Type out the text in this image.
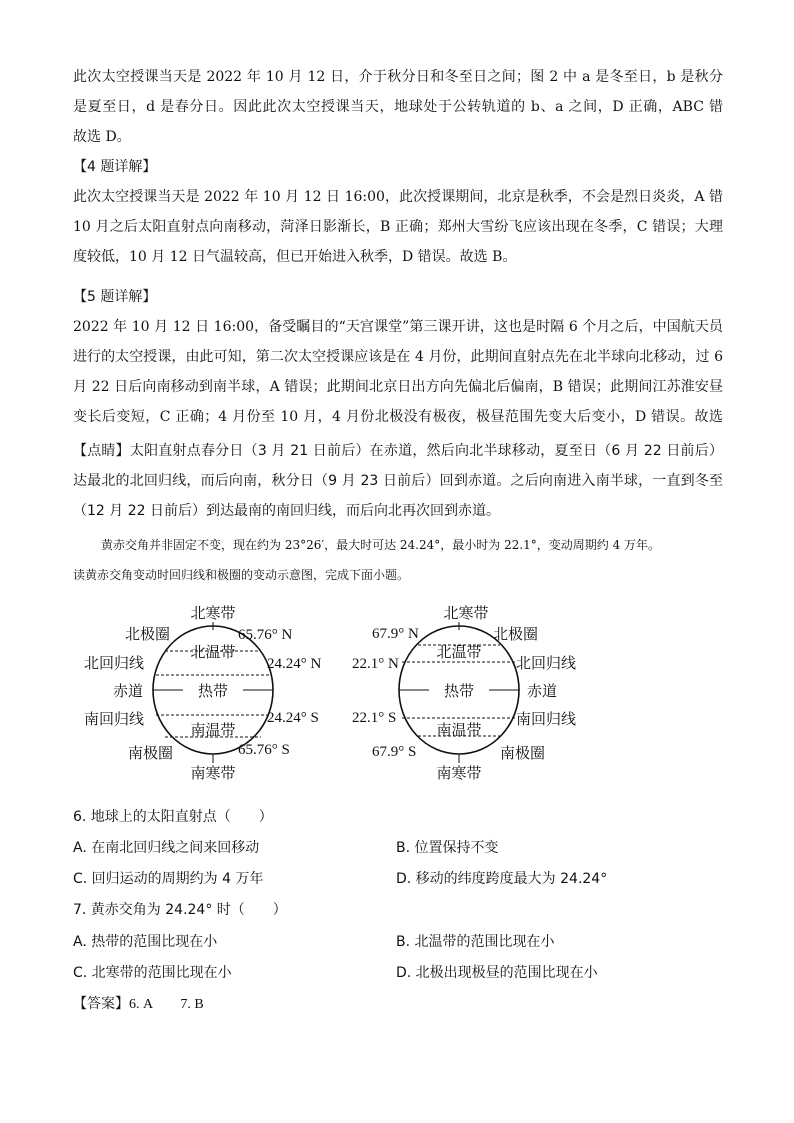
此次太空授课当天是 2022 年 10 月 12 日，介于秋分日和冬至日之间；图 2 中 a 是冬至日，b 是秋分
是夏至日，d 是春分日。因此此次太空授课当天，地球处于公转轨道的 b、a 之间，D 正确，ABC 错
故选 D。
【4 题详解】
此次太空授课当天是 2022 年 10 月 12 日 16:00，此次授课期间，北京是秋季，不会是烈日炎炎，A 错
10 月之后太阳直射点向南移动，菏泽日影渐长，B 正确；郑州大雪纷飞应该出现在冬季，C 错误；大理
度较低，10 月 12 日气温较高，但已开始进入秋季，D 错误。故选 B。
【5 题详解】
2022 年 10 月 12 日 16:00，备受瞩目的“天宫课堂”第三课开讲，这也是时隔 6 个月之后，中国航天员
进行的太空授课，由此可知，第二次太空授课应该是在 4 月份，此期间直射点先在北半球向北移动，过 6
月 22 日后向南移动到南半球，A 错误；此期间北京日出方向先偏北后偏南，B 错误；此期间江苏淮安昼
变长后变短，C 正确；4 月份至 10 月，4 月份北极没有极夜，极昼范围先变大后变小，D 错误。故选
【点睛】太阳直射点春分日（3 月 21 日前后）在赤道，然后向北半球移动，夏至日（6 月 22 日前后）
达最北的北回归线，而后向南，秋分日（9 月 23 日前后）回到赤道。之后向南进入南半球，一直到冬至
（12 月 22 日前后）到达最南的南回归线，而后向北再次回到赤道。
黄赤交角并非固定不变，现在约为 23°26′，最大时可达 24.24°，最小时为 22.1°，变动周期约 4 万年。
读黄赤交角变动时回归线和极圈的变动示意图，完成下面小题。
北寒带
北极圈	65.76° N
北温带
北回归线	24.24° N
赤道	热带
南回归线	24.24° S
南温带
南极圈	65.76° S
南寒带
北寒带
67.9° N	北极圈
北温带
22.1° N	北回归线
热带	赤道
22.1° S
南温带
南回归线
67.9° S	南极圈
南寒带
6. 地球上的太阳直射点（　　）
A. 在南北回归线之间来回移动	B. 位置保持不变
C. 回归运动的周期约为 4 万年	D. 移动的纬度跨度最大为 24.24°
7. 黄赤交角为 24.24° 时（　　）
A. 热带的范围比现在小	B. 北温带的范围比现在小
C. 北寒带的范围比现在小	D. 北极出现极昼的范围比现在小
【答案】6. A　　7. B
